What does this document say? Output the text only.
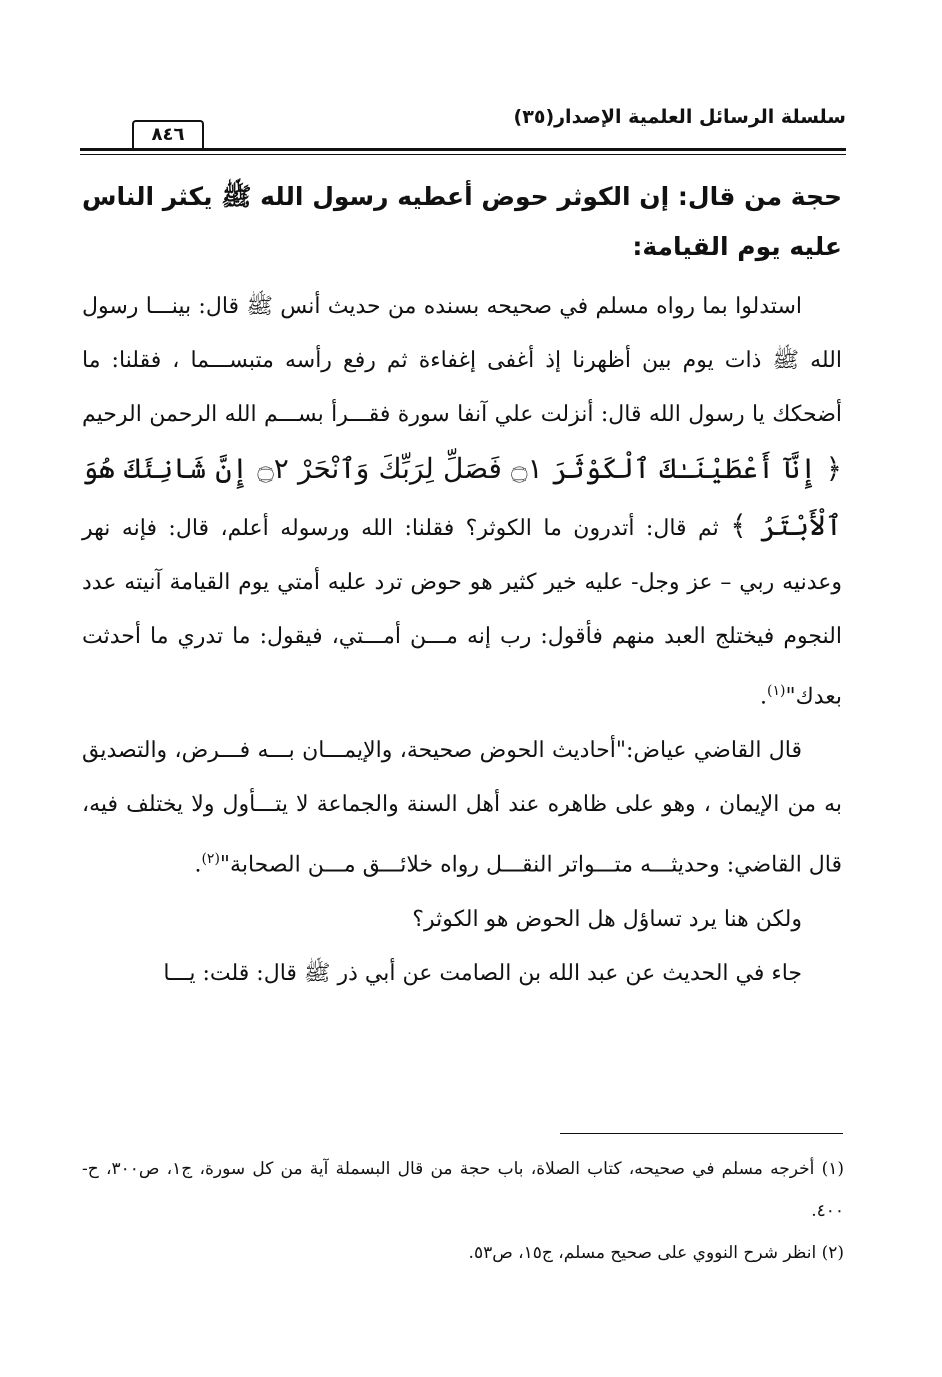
سلسلة الرسائل العلمية الإصدار(٣٥)
٨٤٦

حجة من قال: إن الكوثر حوض أعطيه رسول الله ﷺ يكثر الناس عليه يوم القيامة:

استدلوا بما رواه مسلم في صحيحه بسنده من حديث أنس ﷺ قال: بينـــا رسول الله ﷺ ذات يوم بين أظهرنا إذ أغفى إغفاءة ثم رفع رأسه متبســـما ، فقلنا: ما أضحكك يا رسول الله قال: أنزلت علي آنفا سورة فقـــرأ بســـم الله الرحمن الرحيم ﴿ إِنَّآ أَعْطَيْنَـٰكَ ٱلْكَوْثَرَ ۝١ فَصَلِّ لِرَبِّكَ وَٱنْحَرْ ۝٢ إِنَّ شَانِئَكَ هُوَ ٱلْأَبْتَرُ ﴾ ثم قال: أتدرون ما الكوثر؟ فقلنا: الله ورسوله أعلم، قال: فإنه نهر وعدنيه ربي – عز وجل- عليه خير كثير هو حوض ترد عليه أمتي يوم القيامة آنيته عدد النجوم فيختلج العبد منهم فأقول: رب إنه مـــن أمـــتي، فيقول: ما تدري ما أحدثت بعدك"$^{(١)}$.

قال القاضي عياض:"أحاديث الحوض صحيحة، والإيمـــان بـــه فـــرض، والتصديق به من الإيمان ، وهو على ظاهره عند أهل السنة والجماعة لا يتـــأول ولا يختلف فيه، قال القاضي: وحديثـــه متـــواتر النقـــل رواه خلائـــق مـــن الصحابة"$^{(٢)}$.

ولكن هنا يرد تساؤل هل الحوض هو الكوثر؟

جاء في الحديث عن عبد الله بن الصامت عن أبي ذر ﷺ قال: قلت: يـــا

(١) أخرجه مسلم في صحيحه، كتاب الصلاة، باب حجة من قال البسملة آية من كل سورة، ج١، ص٣٠٠، ح- ٤٠٠.

(٢) انظر شرح النووي على صحيح مسلم، ج١٥، ص٥٣.
